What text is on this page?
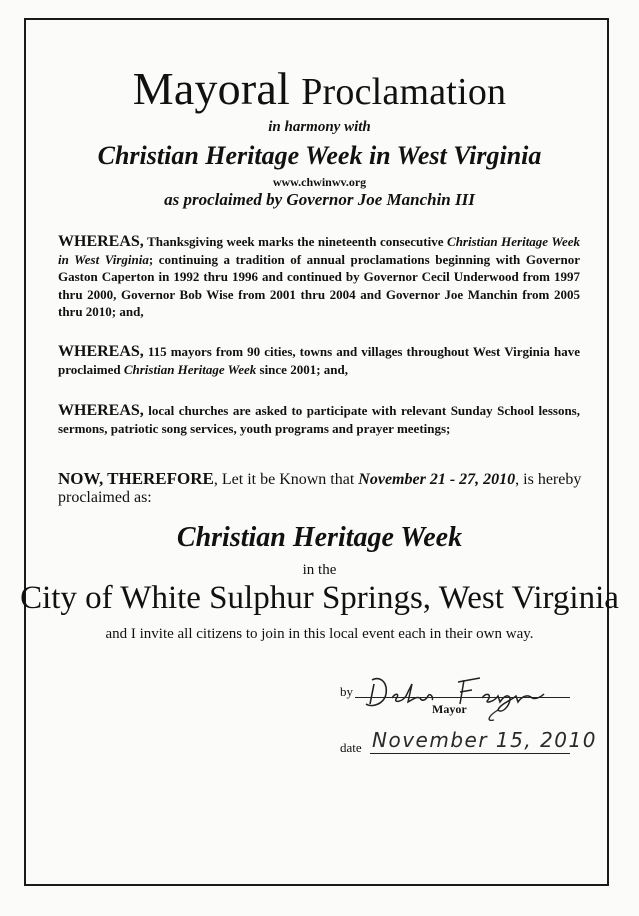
Mayoral Proclamation
in harmony with
Christian Heritage Week in West Virginia
www.chwinwv.org
as proclaimed by Governor Joe Manchin III
WHEREAS, Thanksgiving week marks the nineteenth consecutive Christian Heritage Week in West Virginia; continuing a tradition of annual proclamations beginning with Governor Gaston Caperton in 1992 thru 1996 and continued by Governor Cecil Underwood from 1997 thru 2000, Governor Bob Wise from 2001 thru 2004 and Governor Joe Manchin from 2005 thru 2010; and,
WHEREAS, 115 mayors from 90 cities, towns and villages throughout West Virginia have proclaimed Christian Heritage Week since 2001; and,
WHEREAS, local churches are asked to participate with relevant Sunday School lessons, sermons, patriotic song services, youth programs and prayer meetings;
NOW, THEREFORE, Let it be Known that November 21 - 27, 2010, is hereby proclaimed as:
Christian Heritage Week
in the
City of White Sulphur Springs, West Virginia
and I invite all citizens to join in this local event each in their own way.
by
Mayor
date November 15, 2010
